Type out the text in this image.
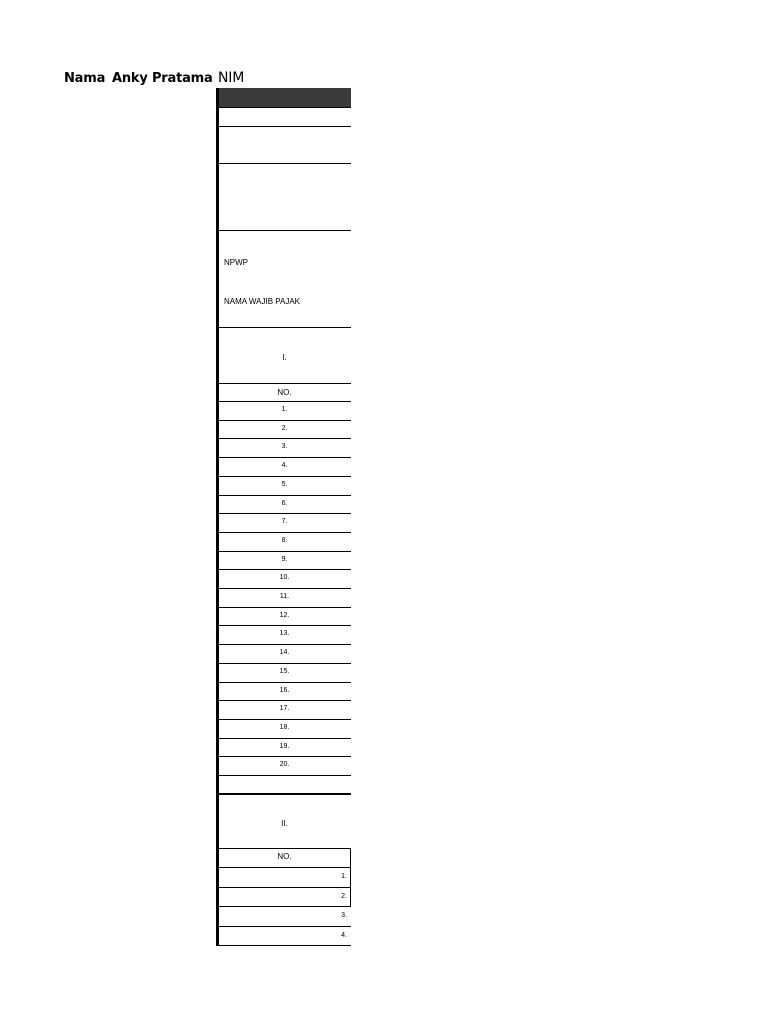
Nama Anky Pratama NIM
NPWP
NAMA WAJIB PAJAK
I.
NO.
1.
2.
3.
4.
5.
6.
7.
8.
9.
10.
11.
12.
13.
14.
15.
16.
17.
18.
19.
20.
II.
NO.
1.
2.
3.
4.
